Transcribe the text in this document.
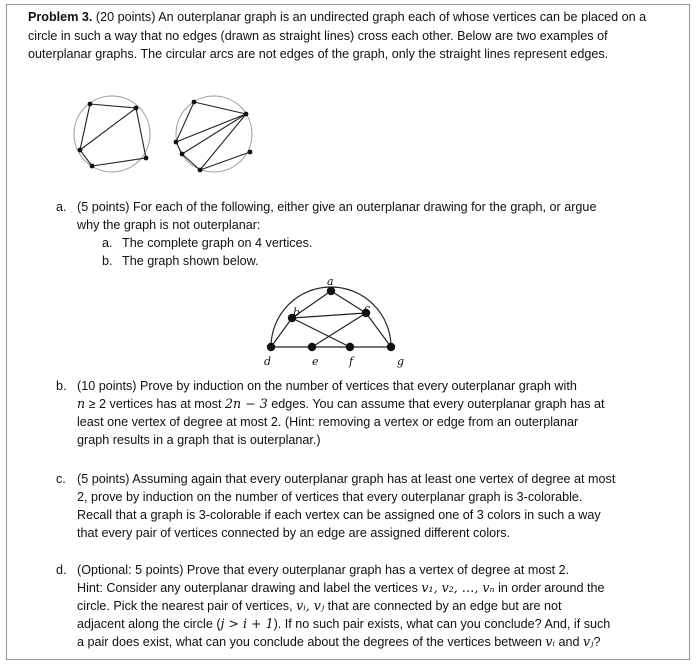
Problem 3. (20 points) An outerplanar graph is an undirected graph each of whose vertices can be placed on a circle in such a way that no edges (drawn as straight lines) cross each other. Below are two examples of outerplanar graphs. The circular arcs are not edges of the graph, only the straight lines represent edges.
a. (5 points) For each of the following, either give an outerplanar drawing for the graph, or argue
why the graph is not outerplanar:
a. The complete graph on 4 vertices.
b. The graph shown below.
a
b	c
d	e	f	g
b. (10 points) Prove by induction on the number of vertices that every outerplanar graph with
n ≥ 2 vertices has at most 2n − 3 edges. You can assume that every outerplanar graph has at
least one vertex of degree at most 2. (Hint: removing a vertex or edge from an outerplanar
graph results in a graph that is outerplanar.)
c. (5 points) Assuming again that every outerplanar graph has at least one vertex of degree at most
2, prove by induction on the number of vertices that every outerplanar graph is 3-colorable.
Recall that a graph is 3-colorable if each vertex can be assigned one of 3 colors in such a way
that every pair of vertices connected by an edge are assigned different colors.
d. (Optional: 5 points) Prove that every outerplanar graph has a vertex of degree at most 2.
Hint: Consider any outerplanar drawing and label the vertices v₁, v₂, …, vₙ in order around the
circle. Pick the nearest pair of vertices, vᵢ, vⱼ that are connected by an edge but are not
adjacent along the circle (j > i + 1). If no such pair exists, what can you conclude? And, if such
a pair does exist, what can you conclude about the degrees of the vertices between vᵢ and vⱼ?
